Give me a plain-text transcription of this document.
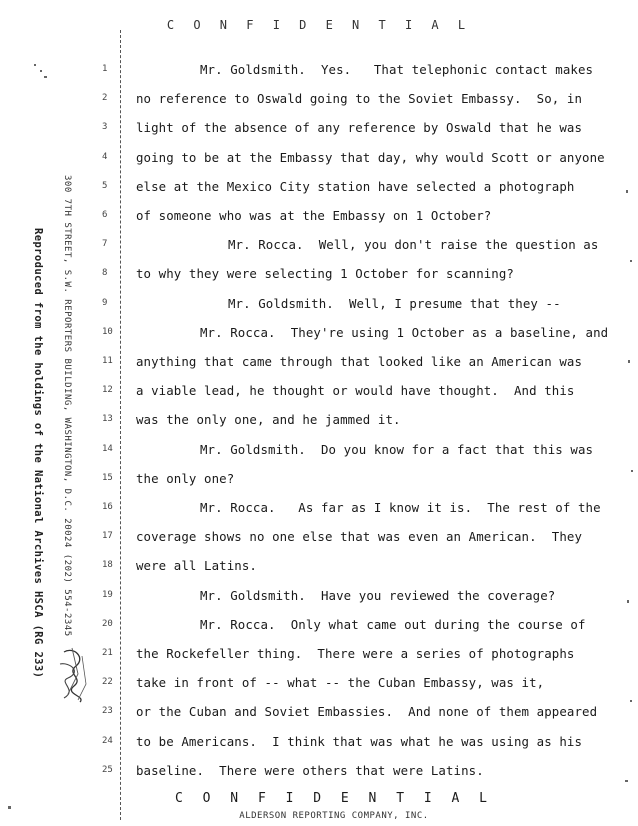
C O N F I D E N T I A L
1	Mr. Goldsmith.  Yes.   That telephonic contact makes
2 no reference to Oswald going to the Soviet Embassy.  So, in
3 light of the absence of any reference by Oswald that he was
4 going to be at the Embassy that day, why would Scott or anyone
5 else at the Mexico City station have selected a photograph
6 of someone who was at the Embassy on 1 October?
7	Mr. Rocca.  Well, you don't raise the question as
8 to why they were selecting 1 October for scanning?
9	Mr. Goldsmith.  Well, I presume that they --
10	Mr. Rocca.  They're using 1 October as a baseline, and
11 anything that came through that looked like an American was
12 a viable lead, he thought or would have thought.  And this
13 was the only one, and he jammed it.
14	Mr. Goldsmith.  Do you know for a fact that this was
15 the only one?
16	Mr. Rocca.   As far as I know it is.  The rest of the
17 coverage shows no one else that was even an American.  They
18 were all Latins.
19	Mr. Goldsmith.  Have you reviewed the coverage?
20	Mr. Rocca.  Only what came out during the course of
21 the Rockefeller thing.  There were a series of photographs
22 take in front of -- what -- the Cuban Embassy, was it,
23 or the Cuban and Soviet Embassies.  And none of them appeared
24 to be Americans.  I think that was what he was using as his
25 baseline.  There were others that were Latins.
300 7TH STREET, S.W. REPORTERS BUILDING, WASHINGTON, D.C. 20024 (202) 554-2345
Reproduced from the holdings of the National Archives HSCA (RG 233)
C O N F I D E N T I A L
ALDERSON REPORTING COMPANY, INC.
